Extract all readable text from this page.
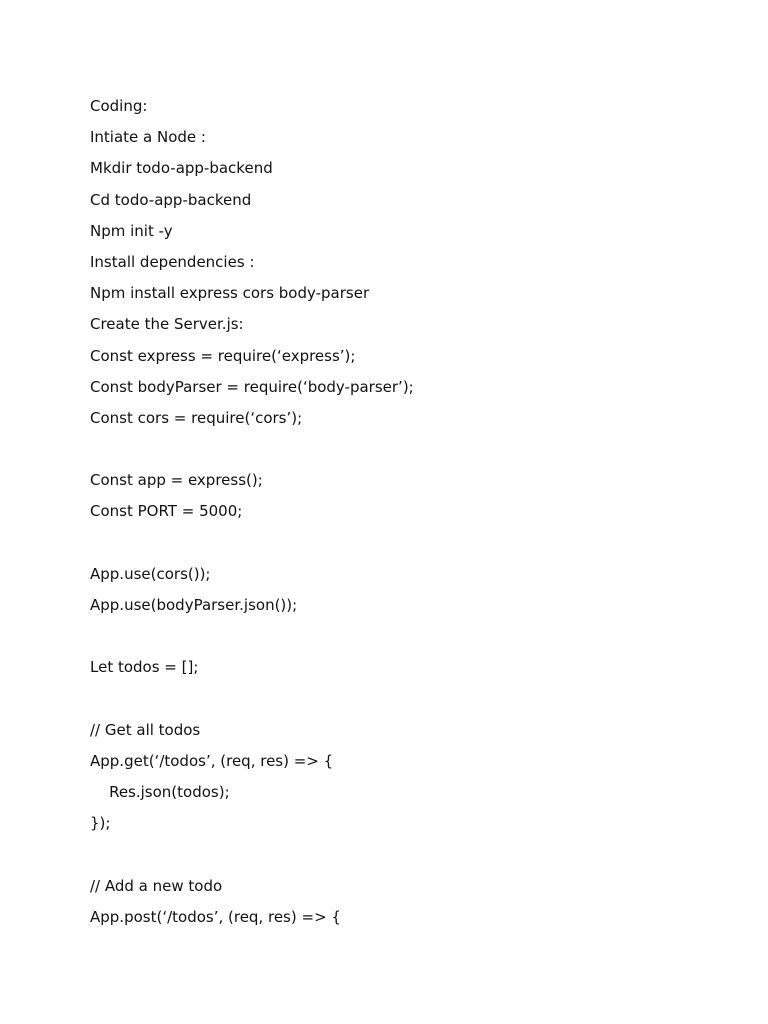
Coding:

Intiate a Node :

Mkdir todo-app-backend

Cd todo-app-backend

Npm init -y

Install dependencies :

Npm install express cors body-parser

Create the Server.js:

Const express = require(‘express’);

Const bodyParser = require(‘body-parser’);

Const cors = require(‘cors’);

Const app = express();

Const PORT = 5000;

App.use(cors());

App.use(bodyParser.json());

Let todos = [];

// Get all todos

App.get(‘/todos’, (req, res) => {

Res.json(todos);

});

// Add a new todo

App.post(‘/todos’, (req, res) => {
